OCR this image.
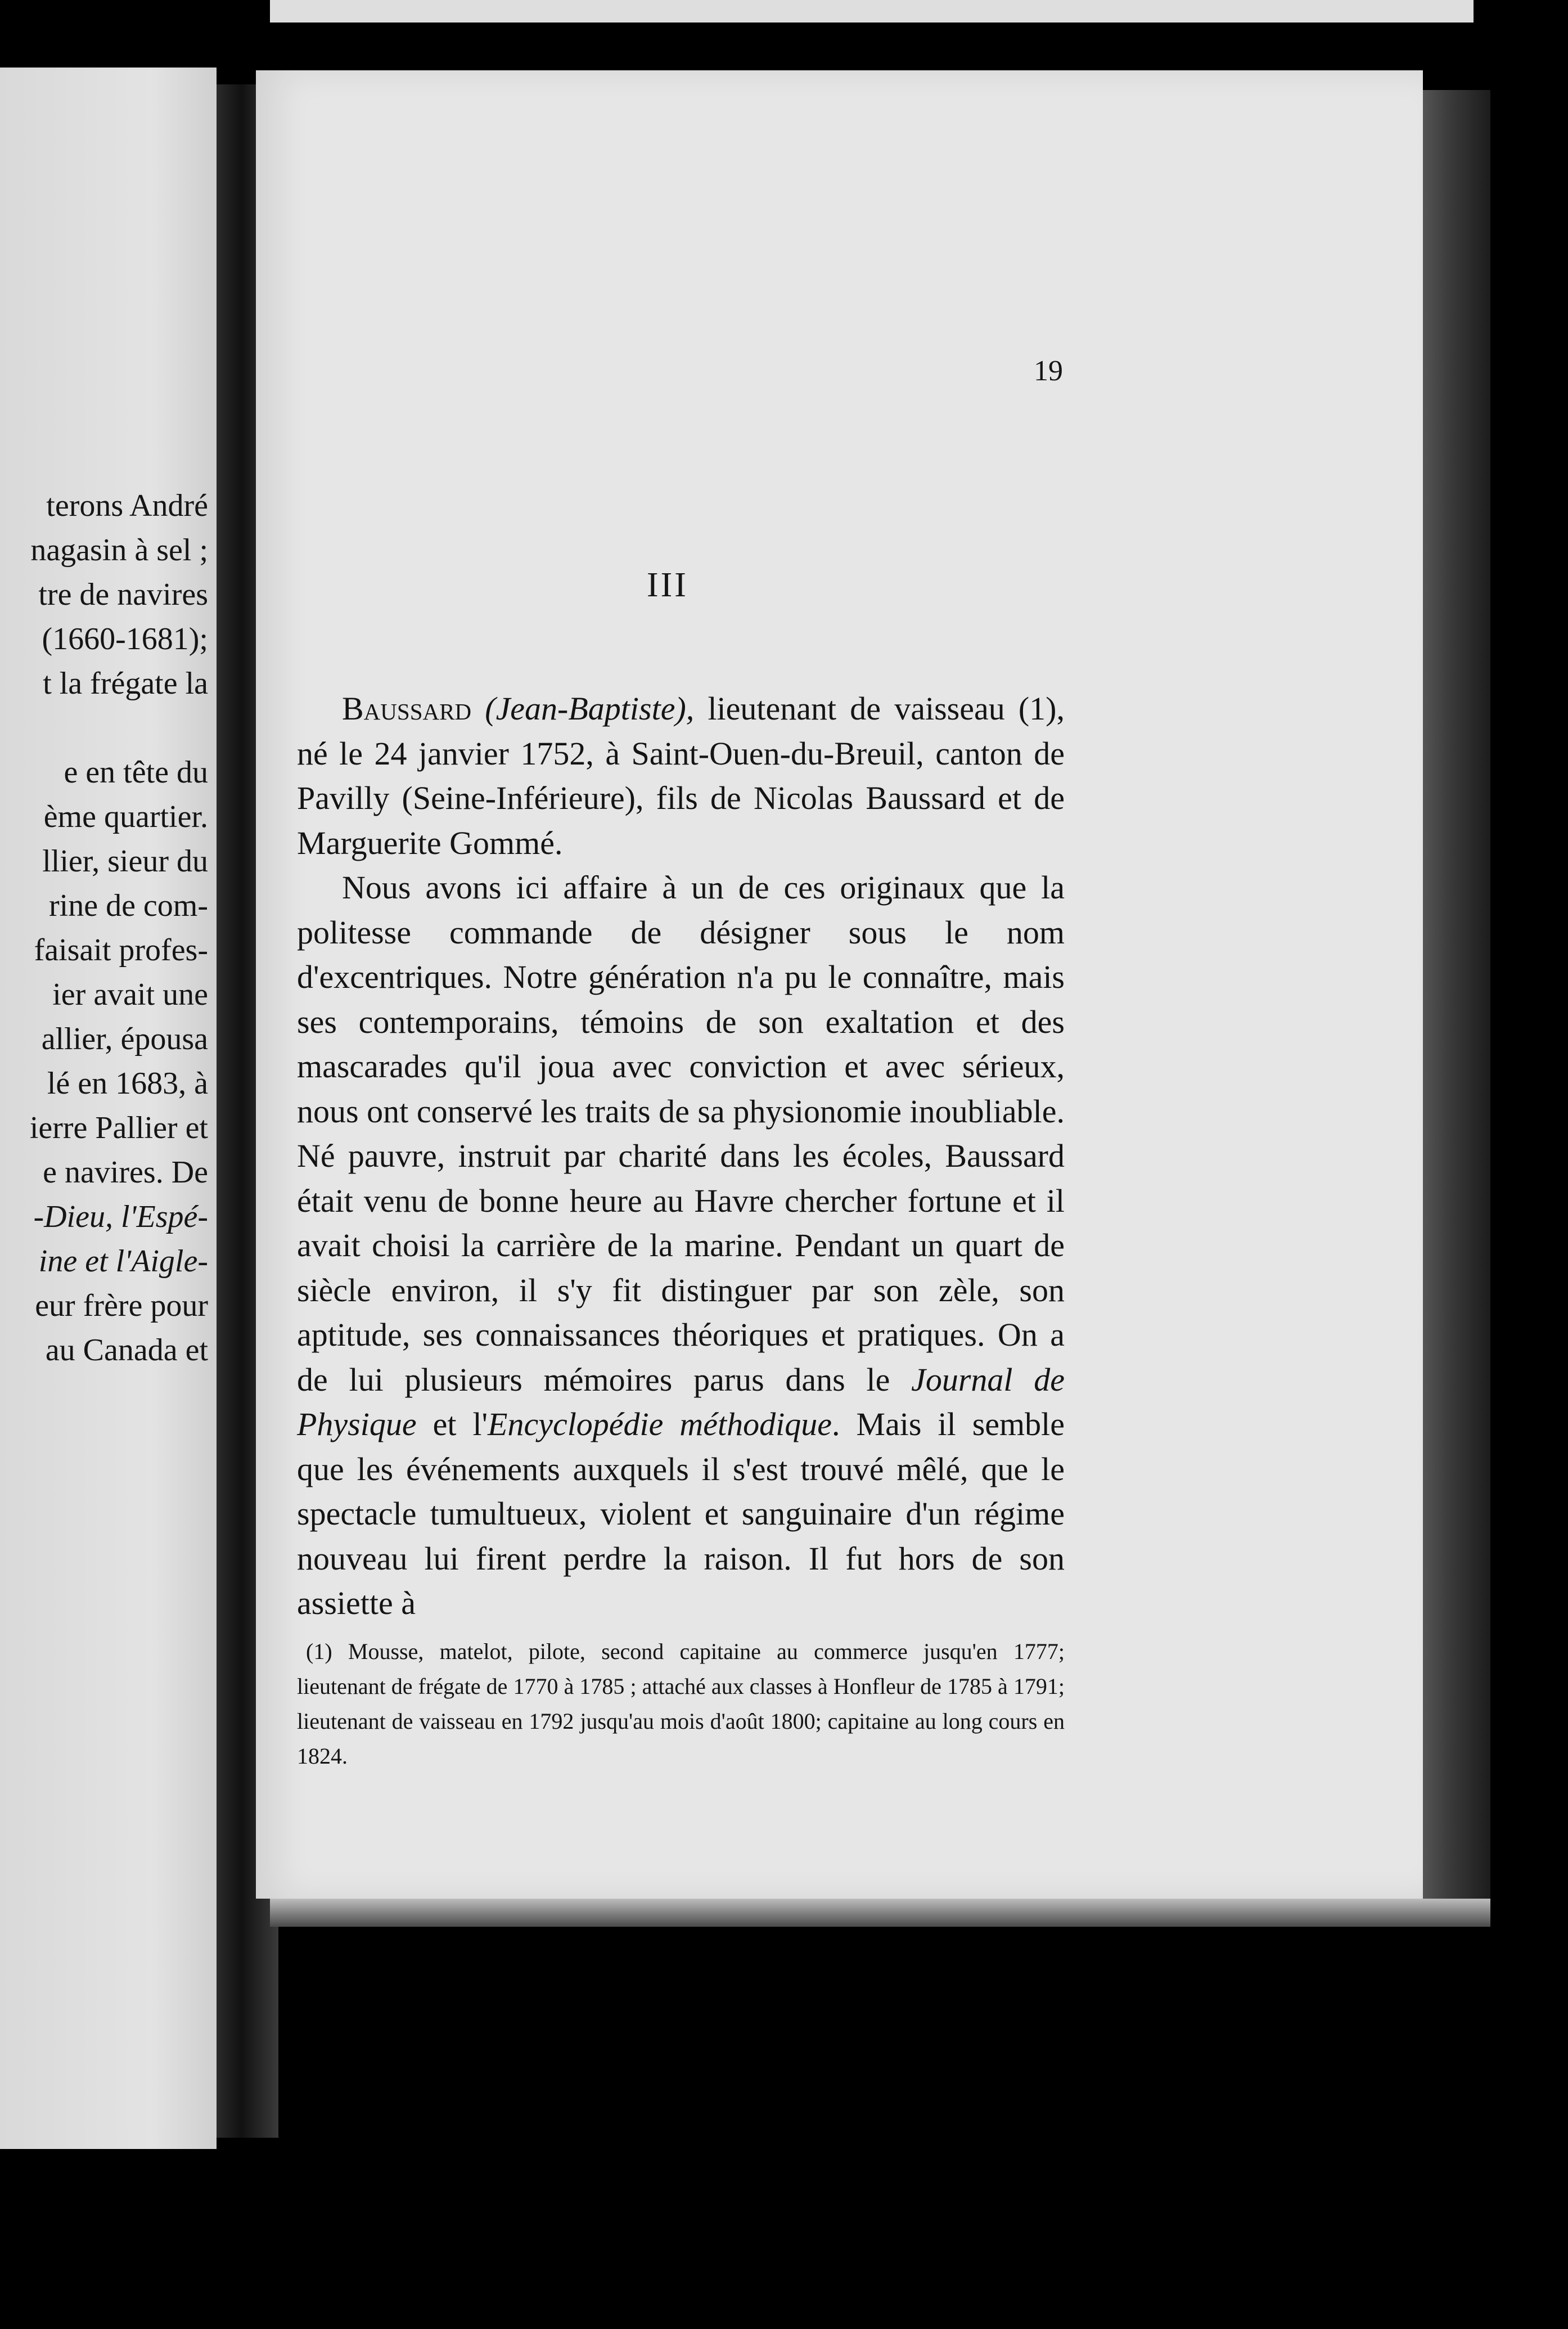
terons André
nagasin à sel ;
tre de navires
(1660-1681);
t la frégate la
e en tête du
ème quartier.
llier, sieur du
rine de com-
faisait profes-
ier avait une
allier, épousa
lé en 1683, à
ierre Pallier et
e navires. De
-Dieu, l'Espé-
ine et l'Aigle-
eur frère pour
au Canada et
19
III

Baussard (Jean-Baptiste), lieutenant de vaisseau (1), né le 24 janvier 1752, à Saint-Ouen-du-Breuil, canton de Pavilly (Seine-Inférieure), fils de Nicolas Baussard et de Marguerite Gommé.

Nous avons ici affaire à un de ces originaux que la politesse commande de désigner sous le nom d'excentriques. Notre génération n'a pu le connaître, mais ses contemporains, témoins de son exaltation et des mascarades qu'il joua avec conviction et avec sérieux, nous ont conservé les traits de sa physionomie inoubliable. Né pauvre, instruit par charité dans les écoles, Baussard était venu de bonne heure au Havre chercher fortune et il avait choisi la carrière de la marine. Pendant un quart de siècle environ, il s'y fit distinguer par son zèle, son aptitude, ses connaissances théoriques et pratiques. On a de lui plusieurs mémoires parus dans le Journal de Physique et l'Encyclopédie méthodique. Mais il semble que les événements auxquels il s'est trouvé mêlé, que le spectacle tumultueux, violent et sanguinaire d'un régime nouveau lui firent perdre la raison. Il fut hors de son assiette à

(1) Mousse, matelot, pilote, second capitaine au commerce jusqu'en 1777; lieutenant de frégate de 1770 à 1785 ; attaché aux classes à Honfleur de 1785 à 1791; lieutenant de vaisseau en 1792 jusqu'au mois d'août 1800; capitaine au long cours en 1824.
